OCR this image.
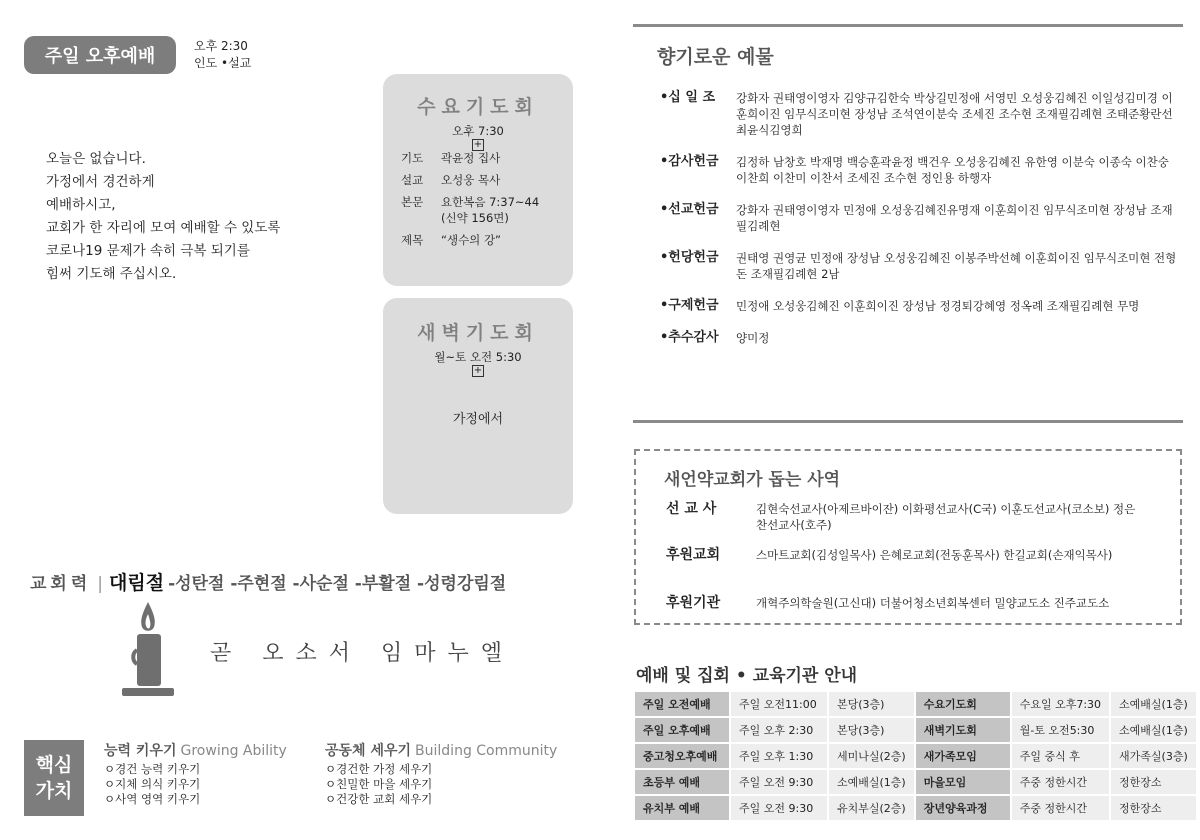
주일 오후예배	오후 2:30
인도 •설교
오늘은 없습니다.
가정에서 경건하게
예배하시고,
교회가 한 자리에 모여 예배할 수 있도록
코로나19 문제가 속히 극복 되기를
힘써 기도해 주십시오.
수요기도회
오후 7:30
+
기도	곽윤정 집사
설교	오성웅 목사
본문	요한복음 7:37~44
(신약 156면)
제목	“생수의 강”
새벽기도회
월~토 오전 5:30
+
가정에서
교회력 | 대림절 -성탄절 -주현절 -사순절 -부활절 -성령강림절
곧 오소서 임마누엘
핵심
가치
능력 키우기 Growing Ability
ㅇ경건 능력 키우기
ㅇ지체 의식 키우기
ㅇ사역 영역 키우기
공동체 세우기 Building Community
ㅇ경건한 가정 세우기
ㅇ친밀한 마을 세우기
ㅇ건강한 교회 세우기
향기로운 예물
•십 일 조	강화자 권태영이영자 김양규김한숙 박상길민정애 서영민 오성웅김혜진 이일성김미경 이훈희이진 임무식조미현 장성남 조석연이분숙 조세진 조수현 조재필김례현 조태준황란선 최윤식김영희
•감사헌금	김정하 남창호 박재명 백승훈곽윤정 백건우 오성웅김혜진 유한영 이분숙 이종숙 이찬숭 이찬희 이찬미 이찬서 조세진 조수현 정인용 하행자
•선교헌금	강화자 권태영이영자 민정애 오성웅김혜진유명재 이훈희이진 임무식조미현 장성남 조재필김례현
•헌당헌금	권태영 권영균 민정애 장성남 오성웅김혜진 이봉주박선혜 이훈희이진 임무식조미현 전형돈 조재필김례현 2남
•구제헌금	민정애 오성웅김혜진 이훈희이진 장성남 정경퇴강혜영 정옥례 조재필김례현 무명
•추수감사	양미정
새언약교회가 돕는 사역
선 교 사	김현숙선교사(아제르바이잔) 이화평선교사(C국) 이훈도선교사(코소보) 정은찬선교사(호주)
후원교회	스마트교회(김성일목사) 은혜로교회(전동훈목사) 한길교회(손재익목사)
후원기관	개혁주의학술원(고신대) 더불어청소년회복센터 밀양교도소 진주교도소
예배 및 집회 • 교육기관 안내
주일 오전예배	주일 오전11:00	본당(3층)	수요기도회	수요일 오후7:30	소예배실(1층)
주일 오후예배	주일 오후 2:30	본당(3층)	새벽기도회	월-토 오전5:30	소예배실(1층)
중고청오후예배	주일 오후 1:30	세미나실(2층)	새가족모임	주일 중식 후	새가족실(3층)
초등부 예배	주일 오전 9:30	소예배실(1층)	마을모임	주중 정한시간	정한장소
유치부 예배	주일 오전 9:30	유치부실(2층)	장년양육과정	주중 정한시간	정한장소
